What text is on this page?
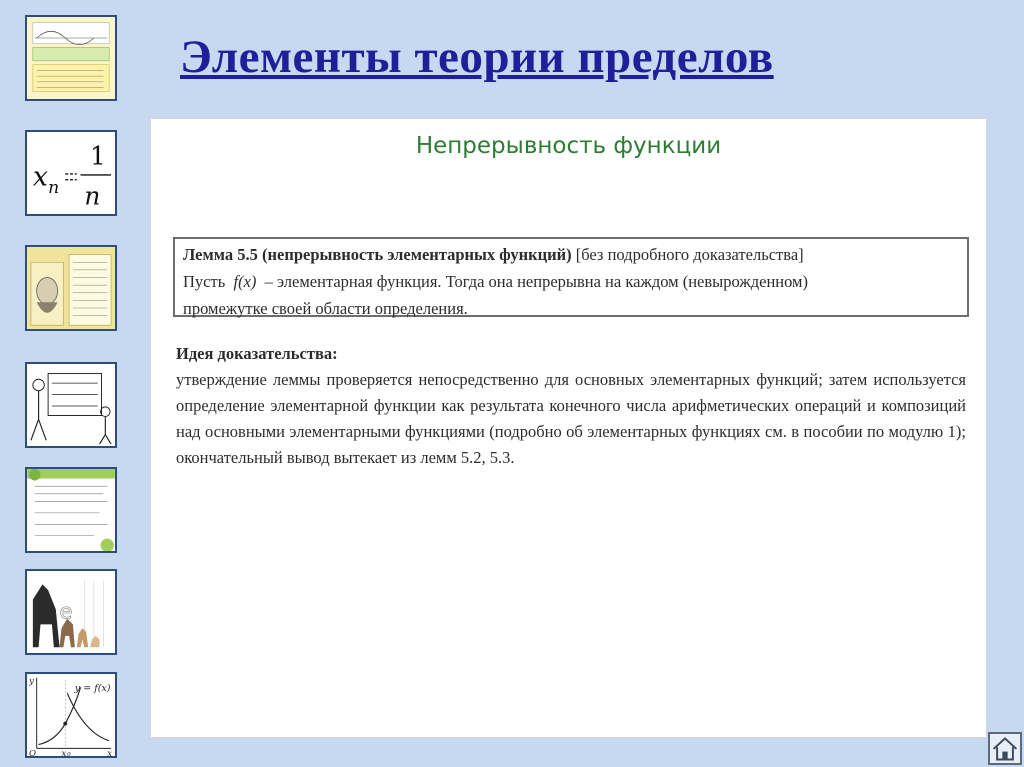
Элементы теории пределов
x n
1
n
e
y = f(x)
O	x 0	x
y
Непрерывность функции
Лемма 5.5 (непрерывность элементарных функций) [без подробного доказательства]
Пусть f(x) – элементарная функция. Тогда она непрерывна на каждом (невырожденном)
промежутке своей области определения.
Идея доказательства:
утверждение леммы проверяется непосредственно для основных элементарных функций; затем используется определение элементарной функции как результата конечного числа арифметических операций и композиций над основными элементарными функциями (подробно об элементарных функциях см. в пособии по модулю 1); окончательный вывод вытекает из лемм 5.2, 5.3.
